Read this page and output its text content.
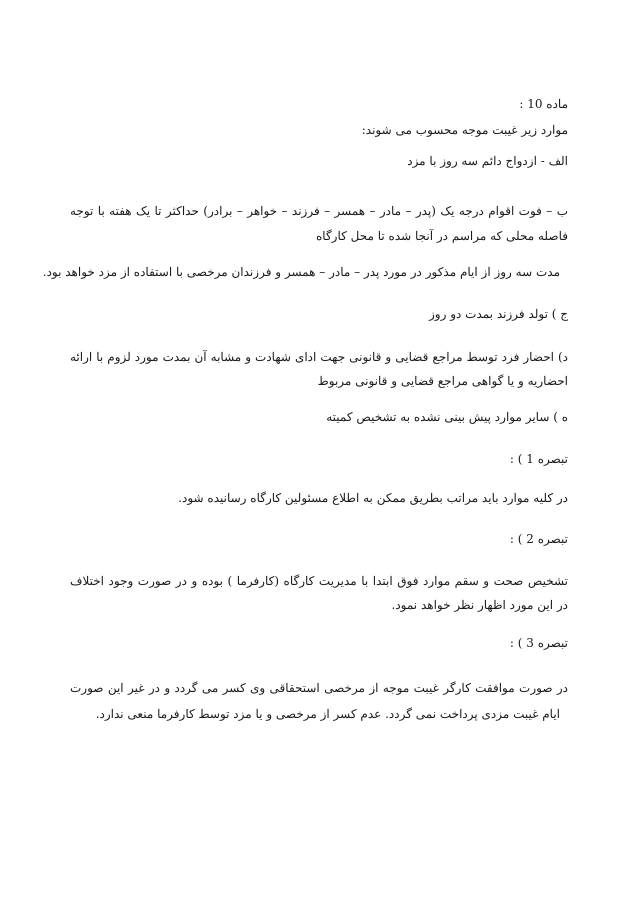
ماده 10 :
موارد زیر غیبت موجه محسوب می شوند:
الف - ازدواج دائم سه روز با مزد
ب – فوت اقوام درجه یک (پدر – مادر – همسر – فرزند – خواهر – برادر) حداکثر تا یک هفته با توجه
فاصله محلی که مراسم در آنجا شده تا محل کارگاه
مدت سه روز از ایام مذکور در مورد پدر – مادر – همسر و فرزندان مرخصی با استفاده از مزد خواهد بود.
ج ) تولد فرزند بمدت دو روز
د) احضار فرد توسط مراجع قضایی و قانونی جهت ادای شهادت و مشابه آن بمدت مورد لزوم با ارائه
احضاریه و یا گواهی مراجع قضایی و قانونی مربوط
ه ) سایر موارد پیش بینی نشده به تشخیص کمیته
تبصره 1 ) :
در کلیه موارد باید مراتب بطریق ممکن به اطلاع مسئولین کارگاه رسانیده شود.
تبصره 2 ) :
تشخیص صحت و سقم موارد فوق ابتدا با مدیریت کارگاه (کارفرما ) بوده و در صورت وجود اختلاف
در این مورد اظهار نظر خواهد نمود.
تبصره 3 ) :
در صورت موافقت کارگر غیبت موجه از مرخصی استحقاقی وی کسر می گردد و در غیر این صورت
ایام غیبت مزدی پرداخت نمی گردد. عدم کسر از مرخصی و یا مزد توسط کارفرما منعی ندارد.
